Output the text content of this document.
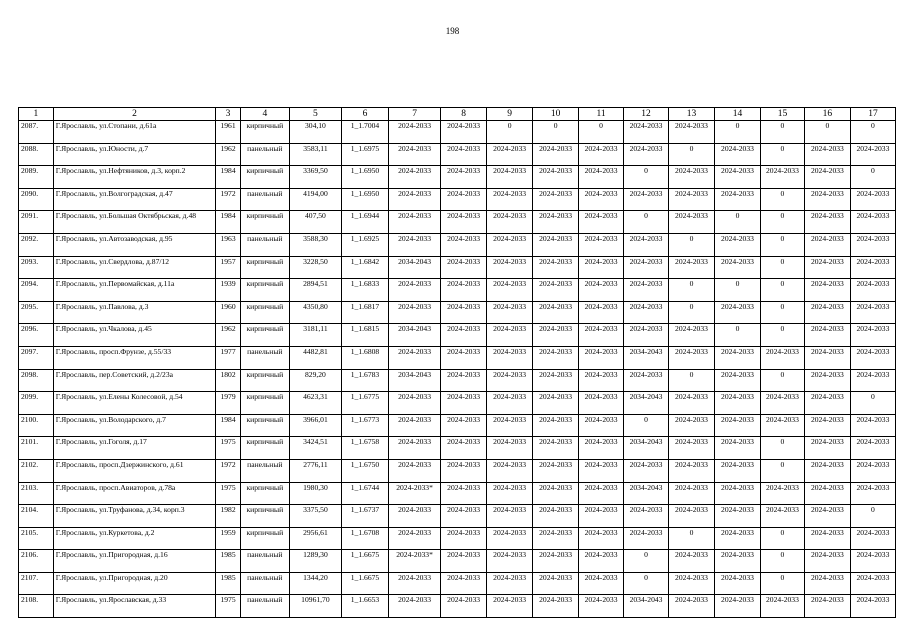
198
1	2	3	4	5	6	7	8	9	10	11	12	13	14	15	16	17
2087.	Г.Ярославль, ул.Стопани, д.61а	1961	кирпичный	304,10	1_1.7004	2024-2033	2024-2033	0	0	0	2024-2033	2024-2033	0	0	0	0
2088.	Г.Ярославль, ул.Юности, д.7	1962	панельный	3583,11	1_1.6975	2024-2033	2024-2033	2024-2033	2024-2033	2024-2033	2024-2033	0	2024-2033	0	2024-2033	2024-2033
2089.	Г.Ярославль, ул.Нефтяников, д.3, корп.2	1984	кирпичный	3369,50	1_1.6950	2024-2033	2024-2033	2024-2033	2024-2033	2024-2033	0	2024-2033	2024-2033	2024-2033	2024-2033	0
2090.	Г.Ярославль, ул.Волгоградская, д.47	1972	панельный	4194,00	1_1.6950	2024-2033	2024-2033	2024-2033	2024-2033	2024-2033	2024-2033	2024-2033	2024-2033	0	2024-2033	2024-2033
2091.	Г.Ярославль, ул.Большая Октябрьская, д.48	1984	кирпичный	407,50	1_1.6944	2024-2033	2024-2033	2024-2033	2024-2033	2024-2033	0	2024-2033	0	0	2024-2033	2024-2033
2092.	Г.Ярославль, ул.Автозаводская, д.95	1963	панельный	3588,30	1_1.6925	2024-2033	2024-2033	2024-2033	2024-2033	2024-2033	2024-2033	0	2024-2033	0	2024-2033	2024-2033
2093.	Г.Ярославль, ул.Свердлова, д.87/12	1957	кирпичный	3228,50	1_1.6842	2034-2043	2024-2033	2024-2033	2024-2033	2024-2033	2024-2033	2024-2033	2024-2033	0	2024-2033	2024-2033
2094.	Г.Ярославль, ул.Первомайская, д.11а	1939	кирпичный	2894,51	1_1.6833	2024-2033	2024-2033	2024-2033	2024-2033	2024-2033	2024-2033	0	0	0	2024-2033	2024-2033
2095.	Г.Ярославль, ул.Павлова, д.3	1960	кирпичный	4350,80	1_1.6817	2024-2033	2024-2033	2024-2033	2024-2033	2024-2033	2024-2033	0	2024-2033	0	2024-2033	2024-2033
2096.	Г.Ярославль, ул.Чкалова, д.45	1962	кирпичный	3181,11	1_1.6815	2034-2043	2024-2033	2024-2033	2024-2033	2024-2033	2024-2033	2024-2033	0	0	2024-2033	2024-2033
2097.	Г.Ярославль, просп.Фрунзе, д.55/33	1977	панельный	4482,81	1_1.6808	2024-2033	2024-2033	2024-2033	2024-2033	2024-2033	2034-2043	2024-2033	2024-2033	2024-2033	2024-2033	2024-2033
2098.	Г.Ярославль, пер.Советский, д.2/23а	1802	кирпичный	829,20	1_1.6783	2034-2043	2024-2033	2024-2033	2024-2033	2024-2033	2024-2033	0	2024-2033	0	2024-2033	2024-2033
2099.	Г.Ярославль, ул.Елены Колесовой, д.54	1979	кирпичный	4623,31	1_1.6775	2024-2033	2024-2033	2024-2033	2024-2033	2024-2033	2034-2043	2024-2033	2024-2033	2024-2033	2024-2033	0
2100.	Г.Ярославль, ул.Володарского, д.7	1984	кирпичный	3966,01	1_1.6773	2024-2033	2024-2033	2024-2033	2024-2033	2024-2033	0	2024-2033	2024-2033	2024-2033	2024-2033	2024-2033
2101.	Г.Ярославль, ул.Гоголя, д.17	1975	кирпичный	3424,51	1_1.6758	2024-2033	2024-2033	2024-2033	2024-2033	2024-2033	2034-2043	2024-2033	2024-2033	0	2024-2033	2024-2033
2102.	Г.Ярославль, просп.Дзержинского, д.61	1972	панельный	2776,11	1_1.6750	2024-2033	2024-2033	2024-2033	2024-2033	2024-2033	2024-2033	2024-2033	2024-2033	0	2024-2033	2024-2033
2103.	Г.Ярославль, просп.Авиаторов, д.78а	1975	кирпичный	1980,30	1_1.6744	2024-2033*	2024-2033	2024-2033	2024-2033	2024-2033	2034-2043	2024-2033	2024-2033	2024-2033	2024-2033	2024-2033
2104.	Г.Ярославль, ул.Труфанова, д.34, корп.3	1982	кирпичный	3375,50	1_1.6737	2024-2033	2024-2033	2024-2033	2024-2033	2024-2033	2024-2033	2024-2033	2024-2033	2024-2033	2024-2033	0
2105.	Г.Ярославль, ул.Куркетова, д.2	1959	кирпичный	2956,61	1_1.6708	2024-2033	2024-2033	2024-2033	2024-2033	2024-2033	2024-2033	0	2024-2033	0	2024-2033	2024-2033
2106.	Г.Ярославль, ул.Пригородная, д.16	1985	панельный	1289,30	1_1.6675	2024-2033*	2024-2033	2024-2033	2024-2033	2024-2033	0	2024-2033	2024-2033	0	2024-2033	2024-2033
2107.	Г.Ярославль, ул.Пригородная, д.20	1985	панельный	1344,20	1_1.6675	2024-2033	2024-2033	2024-2033	2024-2033	2024-2033	0	2024-2033	2024-2033	0	2024-2033	2024-2033
2108.	Г.Ярославль, ул.Ярославская, д.33	1975	панельный	10961,70	1_1.6653	2024-2033	2024-2033	2024-2033	2024-2033	2024-2033	2034-2043	2024-2033	2024-2033	2024-2033	2024-2033	2024-2033
